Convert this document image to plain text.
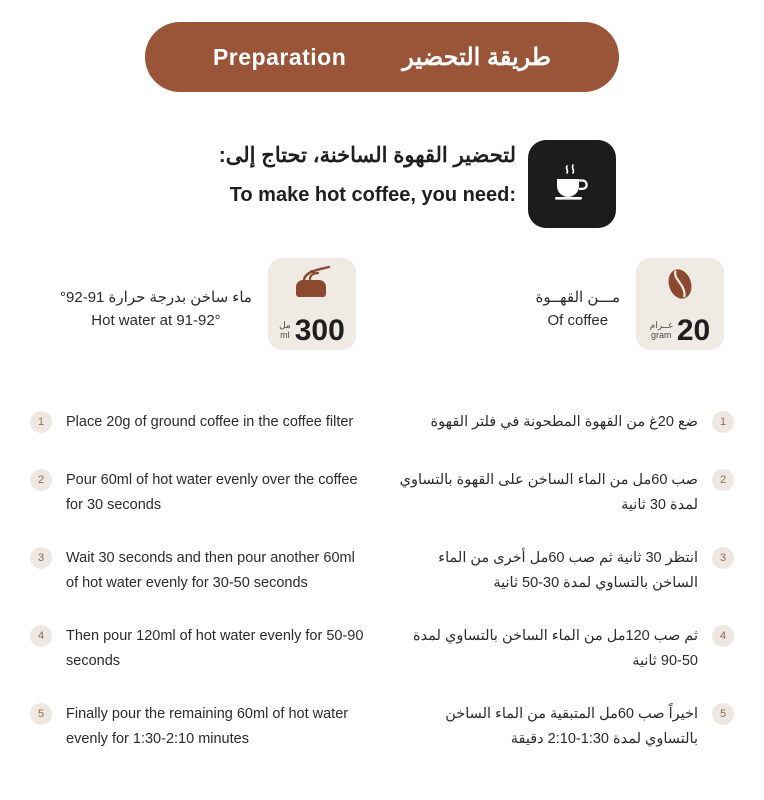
Preparation طريقة التحضير
لتحضير القهوة الساخنة، تحتاج إلى:
To make hot coffee, you need:
مـــن القهــوة
Of coffee	غــرام
gram 20
ماء ساخن بدرجة حرارة 91-92°
Hot water at 91-92°	مل
ml 300
1	Place 20g of ground coffee in the coffee filter
2	Pour 60ml of hot water evenly over the coffee for 30 seconds
3	Wait 30 seconds and then pour another 60ml of hot water evenly for 30-50 seconds
4	Then pour 120ml of hot water evenly for 50-90 seconds
5	Finally pour the remaining 60ml of hot water evenly for 1:30-2:10 minutes
1
ضع 20غ من القهوة المطحونة في فلتر القهوة
2
صب 60مل من الماء الساخن على القهوة بالتساوي لمدة 30 ثانية
3
انتظر 30 ثانية ثم صب 60مل أخرى من الماء الساخن بالتساوي لمدة 30-50 ثانية
4
ثم صب 120مل من الماء الساخن بالتساوي لمدة 50-90 ثانية
5
اخيراً صب 60مل المتبقية من الماء الساخن بالتساوي لمدة 1:30-2:10 دقيقة
